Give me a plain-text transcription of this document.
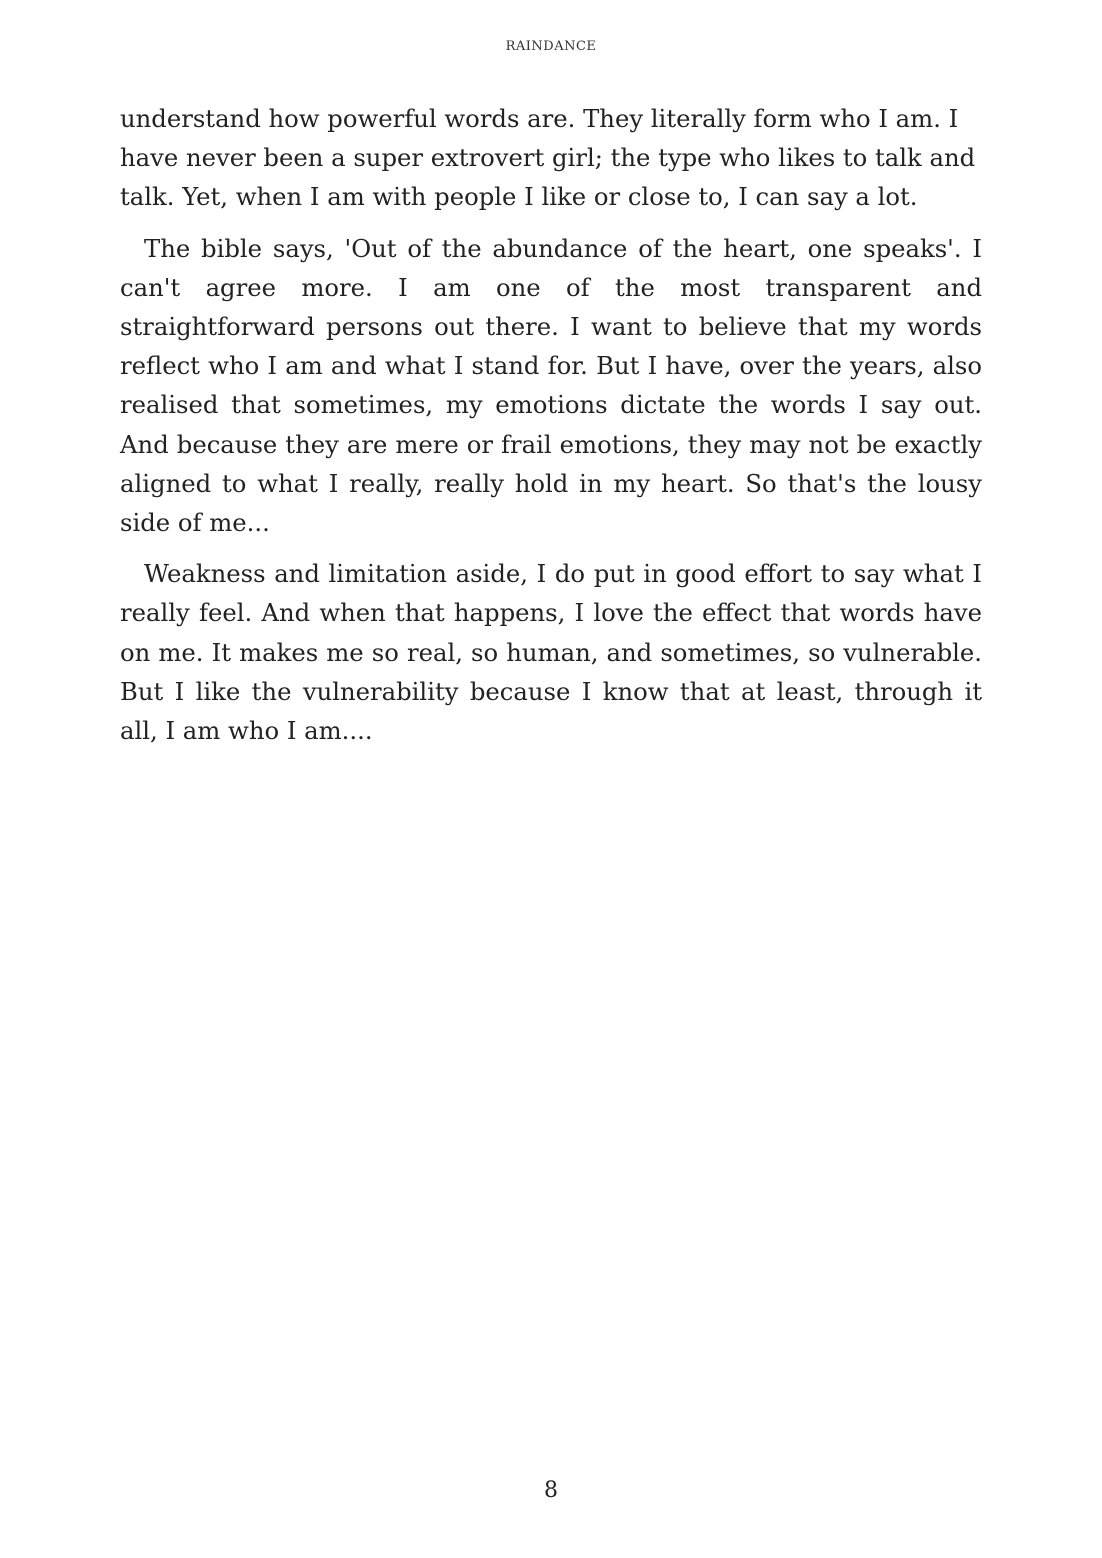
RAINDANCE

understand how powerful words are. They literally form who I am. I have never been a super extrovert girl; the type who likes to talk and talk. Yet, when I am with people I like or close to, I can say a lot.

The bible says, 'Out of the abundance of the heart, one speaks'. I can't agree more. I am one of the most transparent and straightforward persons out there. I want to believe that my words reflect who I am and what I stand for. But I have, over the years, also realised that sometimes, my emotions dictate the words I say out. And because they are mere or frail emotions, they may not be exactly aligned to what I really, really hold in my heart. So that's the lousy side of me...

Weakness and limitation aside, I do put in good effort to say what I really feel. And when that happens, I love the effect that words have on me. It makes me so real, so human, and sometimes, so vulnerable. But I like the vulnerability because I know that at least, through it all, I am who I am....

8
